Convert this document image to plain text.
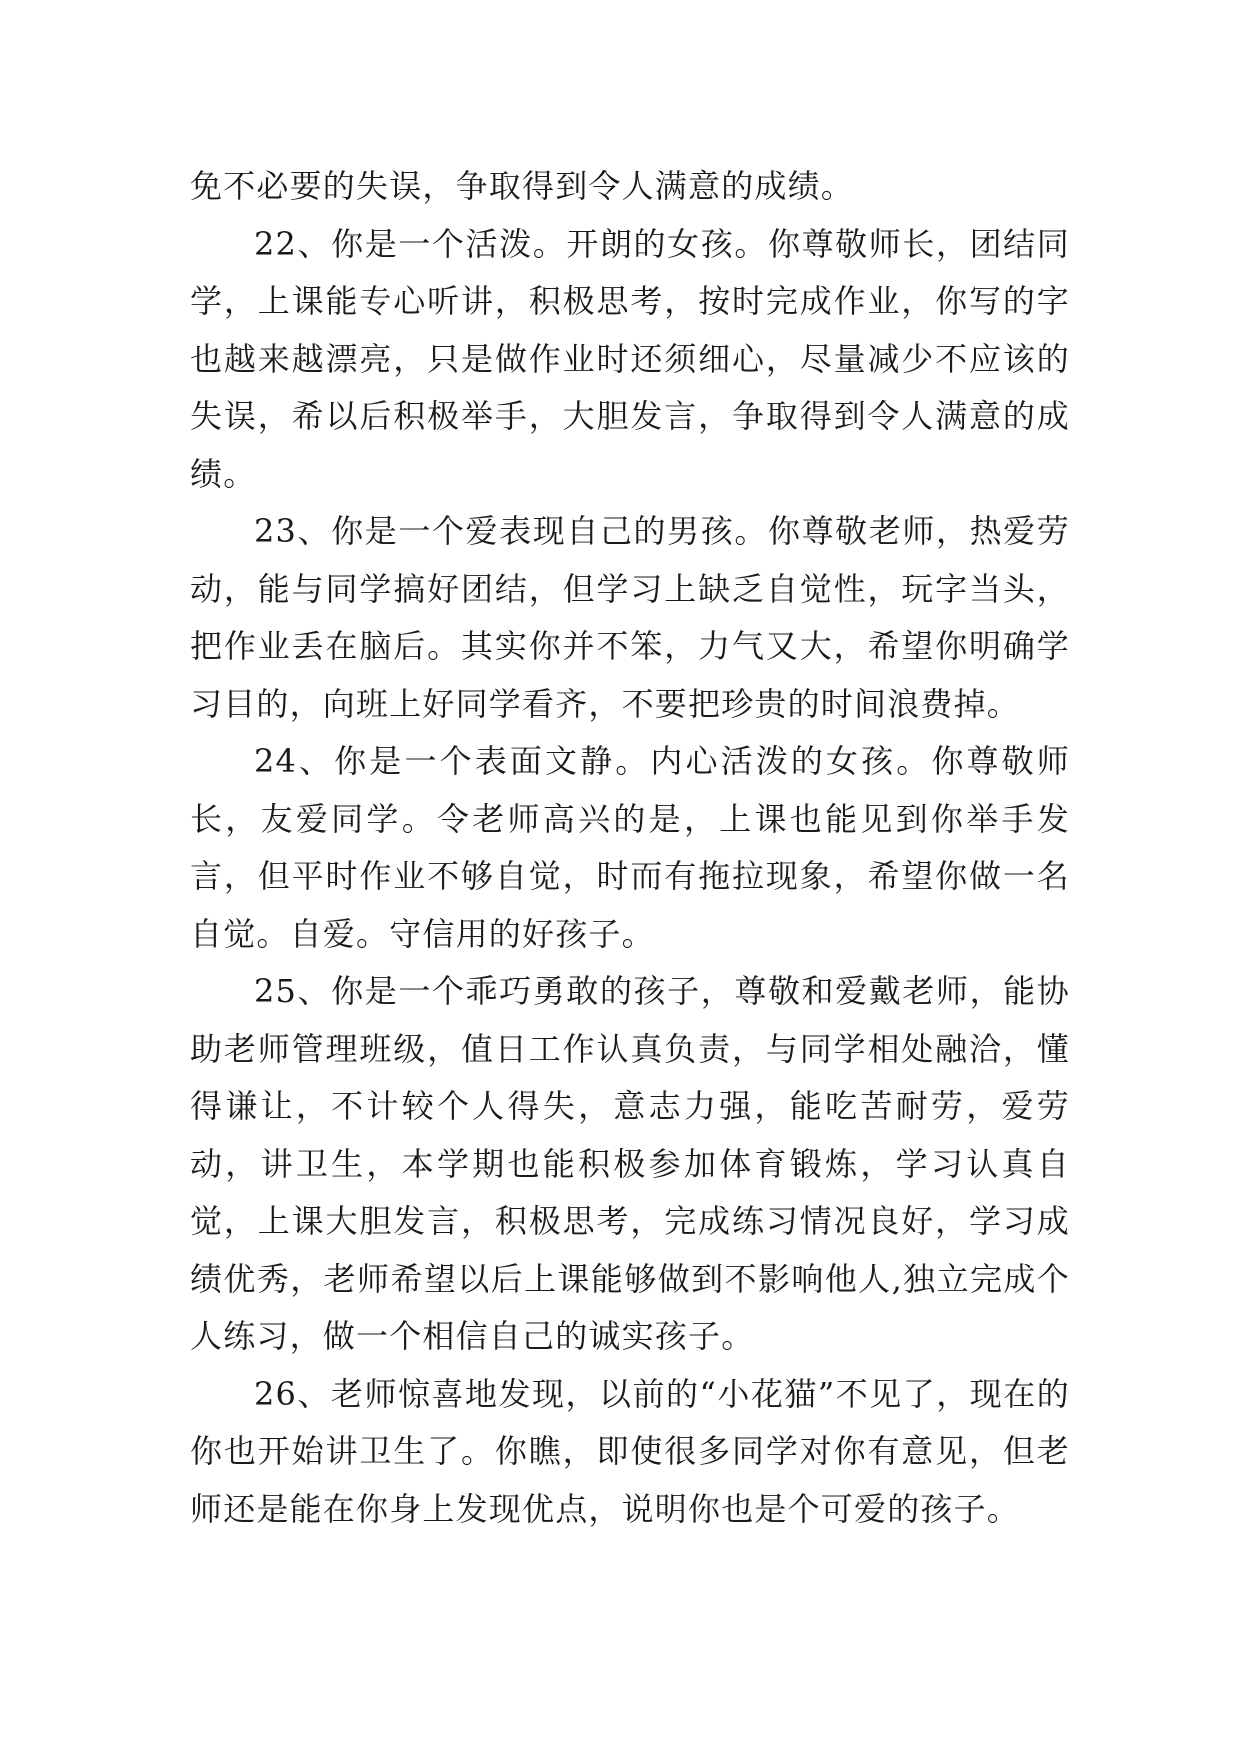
免不必要的失误，争取得到令人满意的成绩。

22、你是一个活泼。开朗的女孩。你尊敬师长，团结同学，上课能专心听讲，积极思考，按时完成作业，你写的字也越来越漂亮，只是做作业时还须细心，尽量减少不应该的失误，希以后积极举手，大胆发言，争取得到令人满意的成绩。

23、你是一个爱表现自己的男孩。你尊敬老师，热爱劳动，能与同学搞好团结，但学习上缺乏自觉性，玩字当头，把作业丢在脑后。其实你并不笨，力气又大，希望你明确学习目的，向班上好同学看齐，不要把珍贵的时间浪费掉。

24、你是一个表面文静。内心活泼的女孩。你尊敬师长，友爱同学。令老师高兴的是，上课也能见到你举手发言，但平时作业不够自觉，时而有拖拉现象，希望你做一名自觉。自爱。守信用的好孩子。

25、你是一个乖巧勇敢的孩子，尊敬和爱戴老师，能协助老师管理班级，值日工作认真负责，与同学相处融洽，懂得谦让，不计较个人得失，意志力强，能吃苦耐劳，爱劳动，讲卫生，本学期也能积极参加体育锻炼，学习认真自觉，上课大胆发言，积极思考，完成练习情况良好，学习成绩优秀，老师希望以后上课能够做到不影响他人,独立完成个人练习，做一个相信自己的诚实孩子。

26、老师惊喜地发现，以前的“小花猫”不见了，现在的你也开始讲卫生了。你瞧，即使很多同学对你有意见，但老师还是能在你身上发现优点，说明你也是个可爱的孩子。
